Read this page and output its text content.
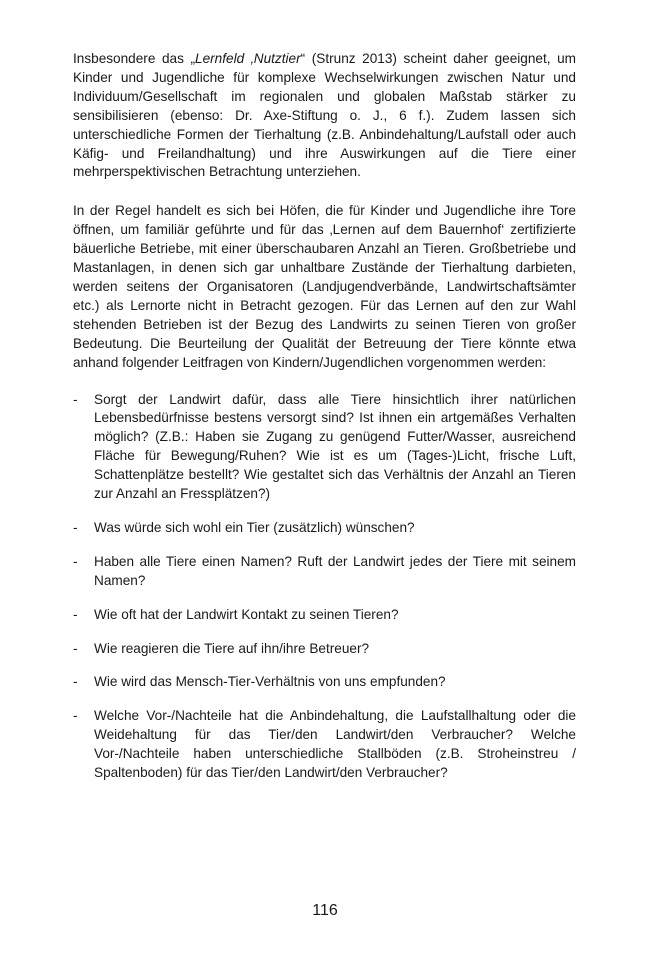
Insbesondere das „Lernfeld ‚Nutztier“ (Strunz 2013) scheint daher geeignet, um Kinder und Jugendliche für komplexe Wechselwirkungen zwischen Natur und Individuum/Gesellschaft im regionalen und globalen Maßstab stärker zu sensibilisieren (ebenso: Dr. Axe-Stiftung o. J., 6 f.). Zudem lassen sich unterschiedliche Formen der Tierhaltung (z.B. Anbindehaltung/Laufstall oder auch Käfig- und Freilandhaltung) und ihre Auswirkungen auf die Tiere einer mehrperspektivischen Betrachtung unterziehen.

In der Regel handelt es sich bei Höfen, die für Kinder und Jugendliche ihre Tore öffnen, um familiär geführte und für das ‚Lernen auf dem Bauernhof‘ zertifizierte bäuerliche Betriebe, mit einer überschaubaren Anzahl an Tieren. Großbetriebe und Mastanlagen, in denen sich gar unhaltbare Zustände der Tierhaltung darbieten, werden seitens der Organisatoren (Landjugendverbände, Landwirtschaftsämter etc.) als Lernorte nicht in Betracht gezogen. Für das Lernen auf den zur Wahl stehenden Betrieben ist der Bezug des Landwirts zu seinen Tieren von großer Bedeutung. Die Beurteilung der Qualität der Betreuung der Tiere könnte etwa anhand folgender Leitfragen von Kindern/Jugendlichen vorgenommen werden:

-	Sorgt der Landwirt dafür, dass alle Tiere hinsichtlich ihrer natürlichen Lebensbedürfnisse bestens versorgt sind? Ist ihnen ein artgemäßes Verhalten möglich? (Z.B.: Haben sie Zugang zu genügend Futter/Wasser, ausreichend Fläche für Bewegung/Ruhen? Wie ist es um (Tages-)Licht, frische Luft, Schattenplätze bestellt? Wie gestaltet sich das Verhältnis der Anzahl an Tieren zur Anzahl an Fressplätzen?)
-	Was würde sich wohl ein Tier (zusätzlich) wünschen?
-	Haben alle Tiere einen Namen? Ruft der Landwirt jedes der Tiere mit seinem Namen?
-	Wie oft hat der Landwirt Kontakt zu seinen Tieren?
-	Wie reagieren die Tiere auf ihn/ihre Betreuer?
-	Wie wird das Mensch-Tier-Verhältnis von uns empfunden?
-	Welche Vor-/Nachteile hat die Anbindehaltung, die Laufstallhaltung oder die Weidehaltung für das Tier/den Landwirt/den Verbraucher? Welche Vor-/Nachteile haben unterschiedliche Stallböden (z.B. Stroheinstreu / Spaltenboden) für das Tier/den Landwirt/den Verbraucher?
116
